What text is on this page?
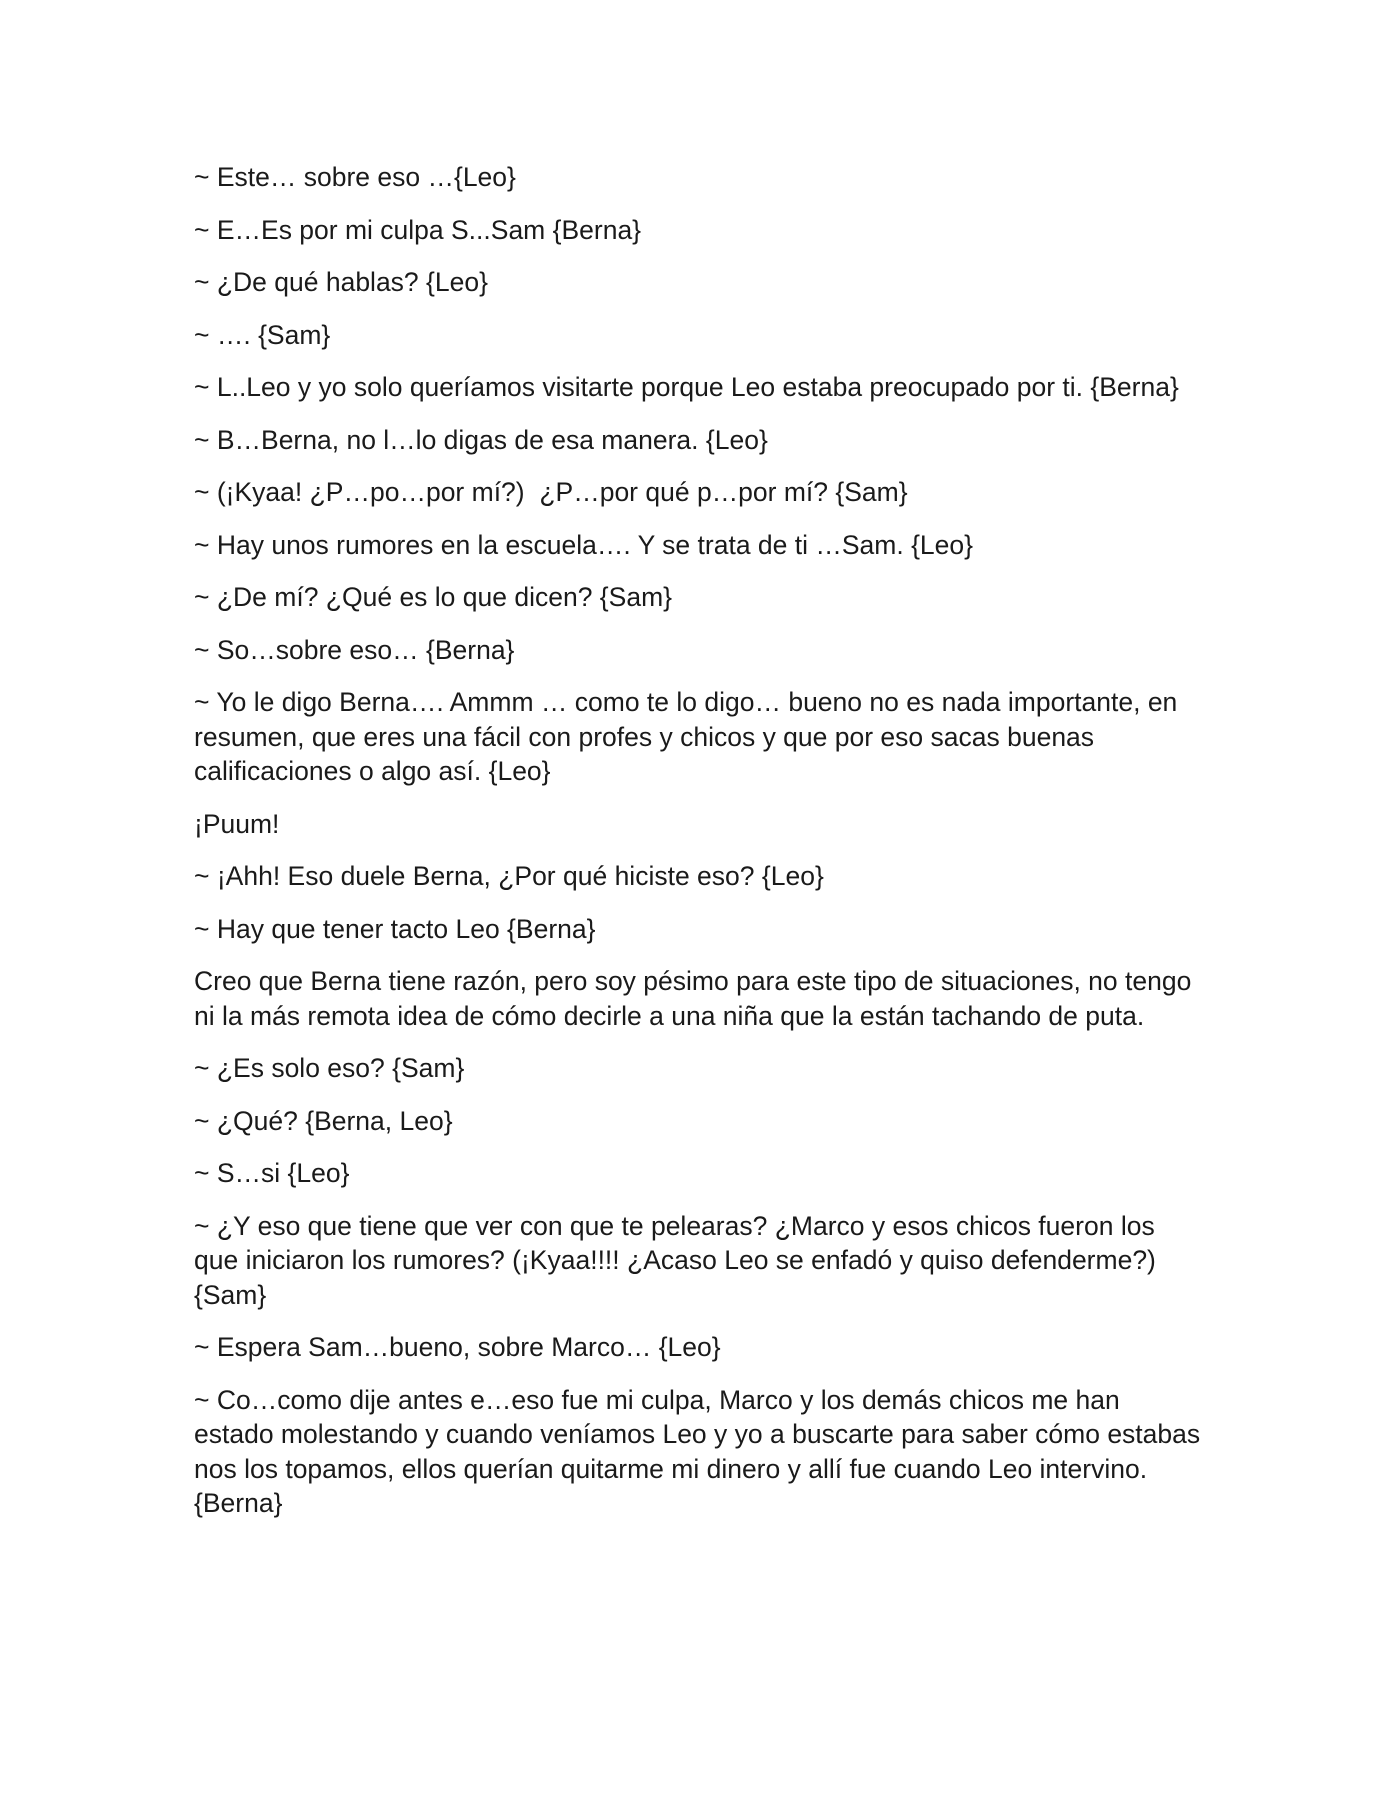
~ Este… sobre eso …{Leo}

~ E…Es por mi culpa S...Sam {Berna}

~ ¿De qué hablas? {Leo}

~ …. {Sam}

~ L..Leo y yo solo queríamos visitarte porque Leo estaba preocupado por ti. {Berna}

~ B…Berna, no l…lo digas de esa manera. {Leo}

~ (¡Kyaa! ¿P…po…por mí?)  ¿P…por qué p…por mí? {Sam}

~ Hay unos rumores en la escuela…. Y se trata de ti …Sam. {Leo}

~ ¿De mí? ¿Qué es lo que dicen? {Sam}

~ So…sobre eso… {Berna}

~ Yo le digo Berna…. Ammm … como te lo digo… bueno no es nada importante, en resumen, que eres una fácil con profes y chicos y que por eso sacas buenas calificaciones o algo así. {Leo}

¡Puum!

~ ¡Ahh! Eso duele Berna, ¿Por qué hiciste eso? {Leo}

~ Hay que tener tacto Leo {Berna}

Creo que Berna tiene razón, pero soy pésimo para este tipo de situaciones, no tengo ni la más remota idea de cómo decirle a una niña que la están tachando de puta.

~ ¿Es solo eso? {Sam}

~ ¿Qué? {Berna, Leo}

~ S…si {Leo}

~ ¿Y eso que tiene que ver con que te pelearas? ¿Marco y esos chicos fueron los que iniciaron los rumores? (¡Kyaa!!!! ¿Acaso Leo se enfadó y quiso defenderme?) {Sam}

~ Espera Sam…bueno, sobre Marco… {Leo}

~ Co…como dije antes e…eso fue mi culpa, Marco y los demás chicos me han estado molestando y cuando veníamos Leo y yo a buscarte para saber cómo estabas nos los topamos, ellos querían quitarme mi dinero y allí fue cuando Leo intervino. {Berna}
